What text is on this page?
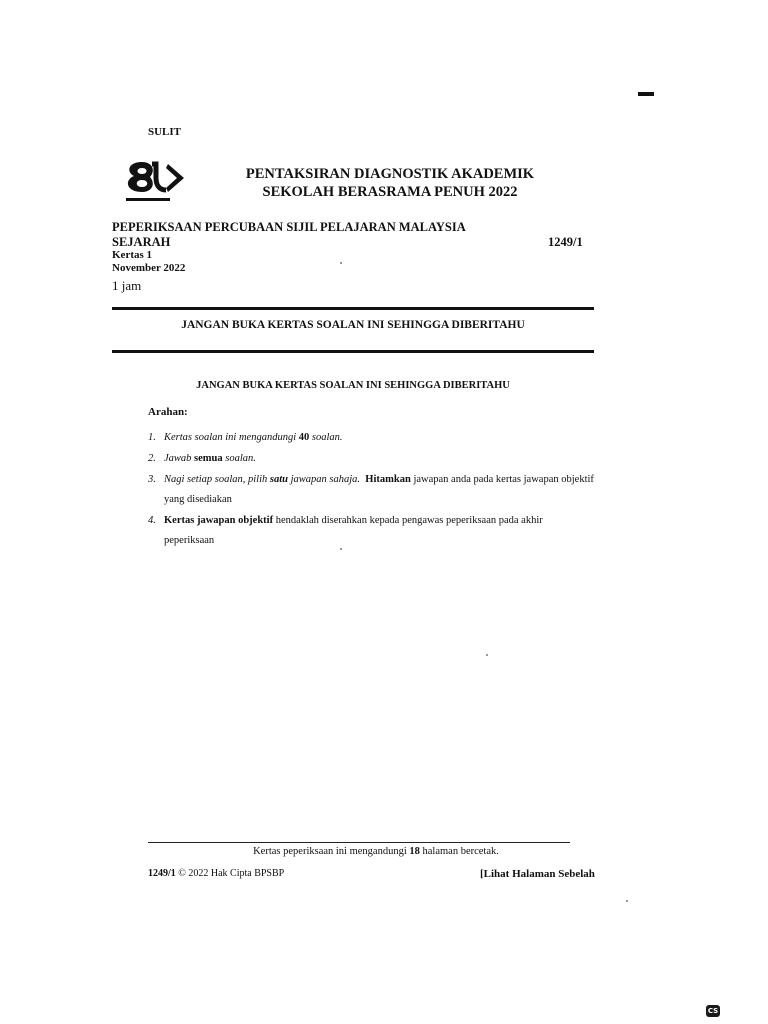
SULIT
PENTAKSIRAN DIAGNOSTIK AKADEMIK
SEKOLAH BERASRAMA PENUH 2022
PEPERIKSAAN PERCUBAAN SIJIL PELAJARAN MALAYSIA
SEJARAH	1249/1
Kertas 1
November 2022
1 jam
JANGAN BUKA KERTAS SOALAN INI SEHINGGA DIBERITAHU
JANGAN BUKA KERTAS SOALAN INI SEHINGGA DIBERITAHU
Arahan:
1. Kertas soalan ini mengandungi 40 soalan.
2. Jawab semua soalan.
3. Nagi setiap soalan, pilih satu jawapan sahaja. Hitamkan jawapan anda pada kertas jawapan objektif yang disediakan
4. Kertas jawapan objektif hendaklah diserahkan kepada pengawas peperiksaan pada akhir peperiksaan
Kertas peperiksaan ini mengandungi 18 halaman bercetak.
1249/1 © 2022 Hak Cipta BPSBP	[Lihat Halaman Sebelah
CS
